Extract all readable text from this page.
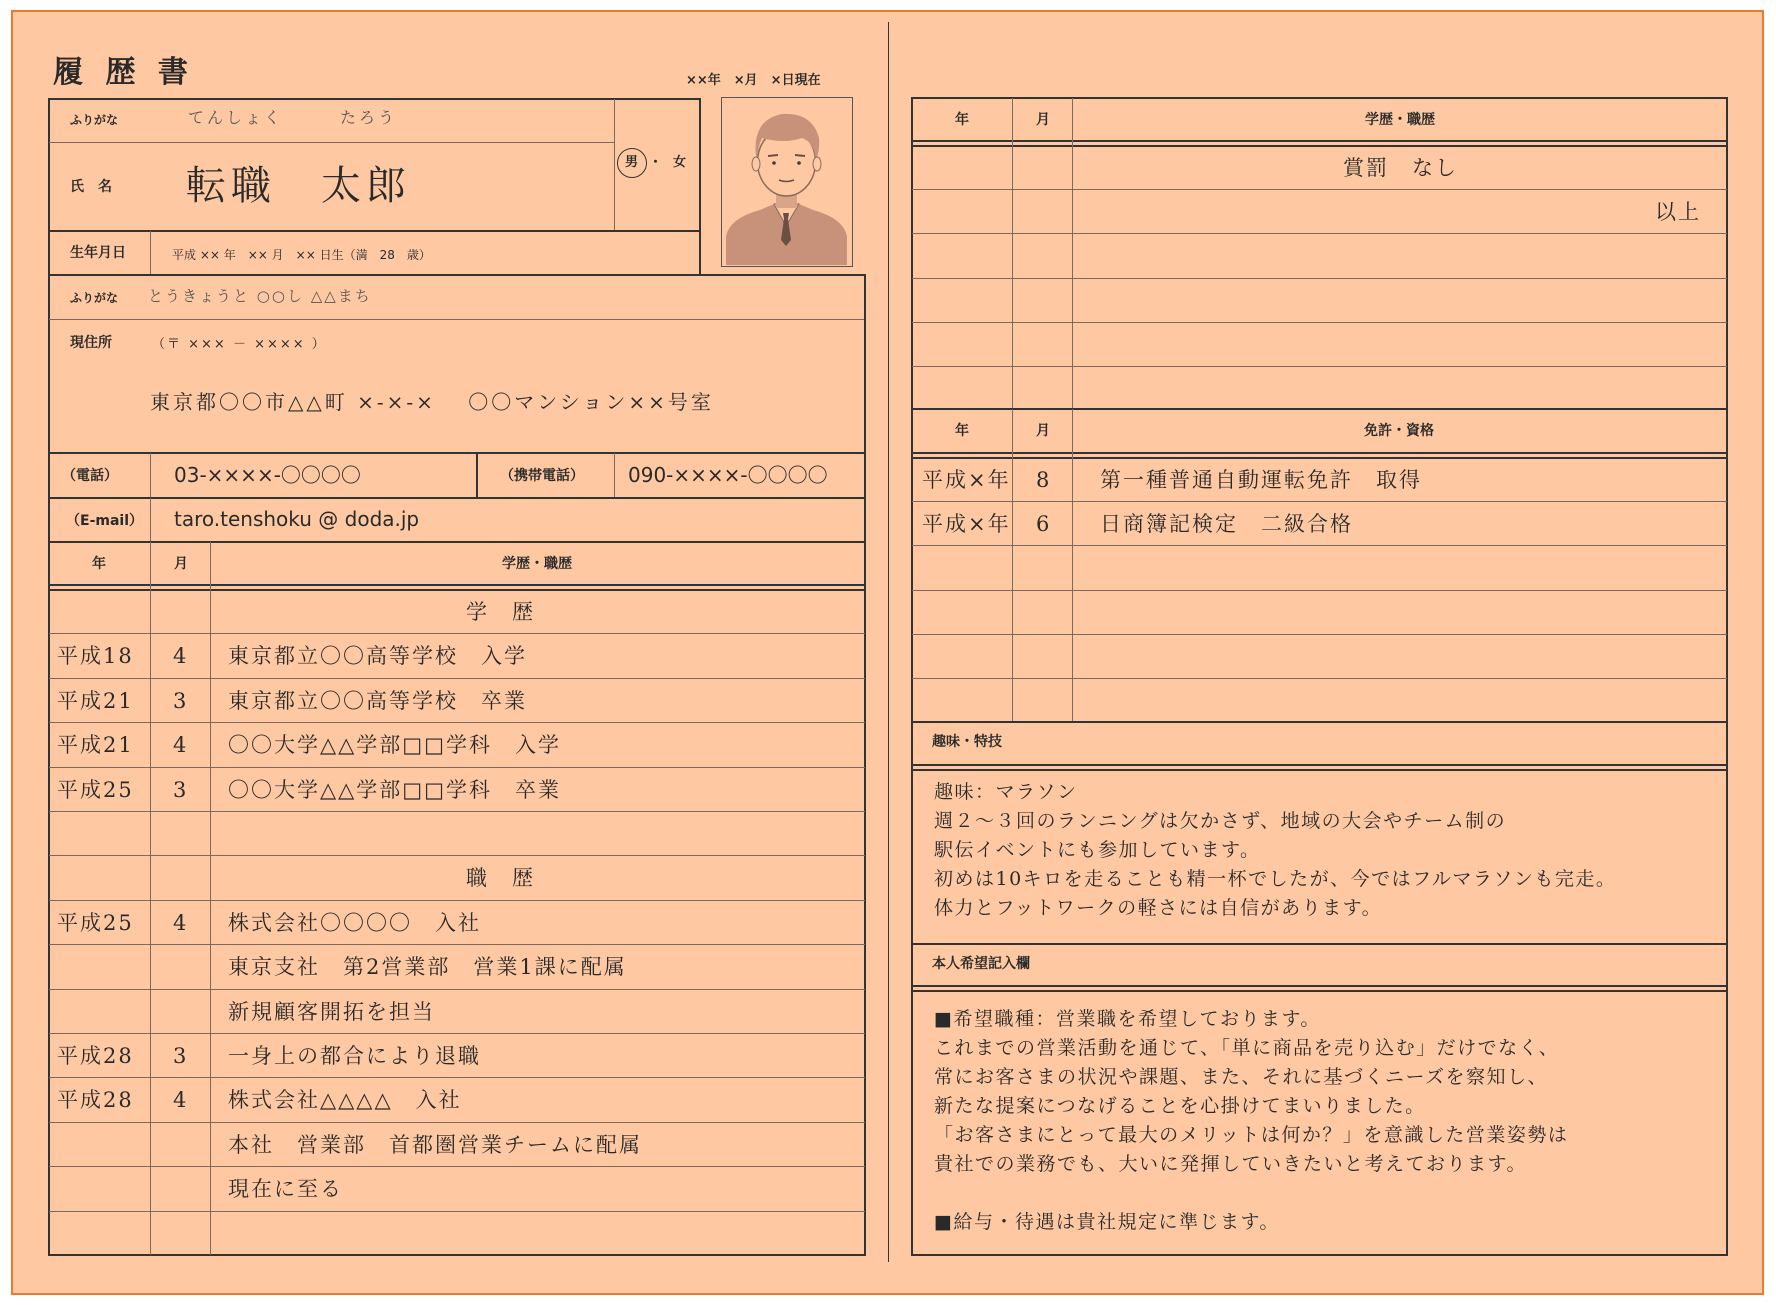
履 歴 書	××年　×月　×日現在
ふりがな	てんしょく　　　たろう
氏　名 転職　太郎
男 ・ 女
生年月日	平成 ×× 年　×× 月　×× 日生（満　28　歳）
ふりがな とうきょうと ○○し △△まち
現住所	（〒 ××× － ×××× ）
東京都〇〇市△△町 ×-×-×　 〇〇マンション××号室
（電話）	03-××××-〇〇〇〇	（携帯電話） 090-××××-〇〇〇〇
（E-mail） taro.tenshoku @ doda.jp
年	月	学歴・職歴
学　歴
平成18 4 東京都立〇〇高等学校　入学
平成21 3 東京都立〇〇高等学校　卒業
平成21 4 〇〇大学△△学部□□学科　入学
平成25 3 〇〇大学△△学部□□学科　卒業
職　歴
平成25 4 株式会社〇〇〇〇　入社
東京支社　第2営業部　営業1課に配属
新規顧客開拓を担当
平成28 3 一身上の都合により退職
平成28 4 株式会社△△△△　入社
本社　営業部　首都圏営業チームに配属
現在に至る
年	月	学歴・職歴
賞罰　なし
以上
年	月	免許・資格
平成×年 8 第一種普通自動運転免許　取得
平成×年 6 日商簿記検定　二級合格
趣味・特技
趣味：マラソン
週２〜３回のランニングは欠かさず、地域の大会やチーム制の
駅伝イベントにも参加しています。
初めは10キロを走ることも精一杯でしたが、今ではフルマラソンも完走。
体力とフットワークの軽さには自信があります。
本人希望記入欄
■希望職種：営業職を希望しております。
これまでの営業活動を通じて、「単に商品を売り込む」だけでなく、
常にお客さまの状況や課題、また、それに基づくニーズを察知し、
新たな提案につなげることを心掛けてまいりました。
「お客さまにとって最大のメリットは何か？」を意識した営業姿勢は
貴社での業務でも、大いに発揮していきたいと考えております。

■給与・待遇は貴社規定に準じます。
